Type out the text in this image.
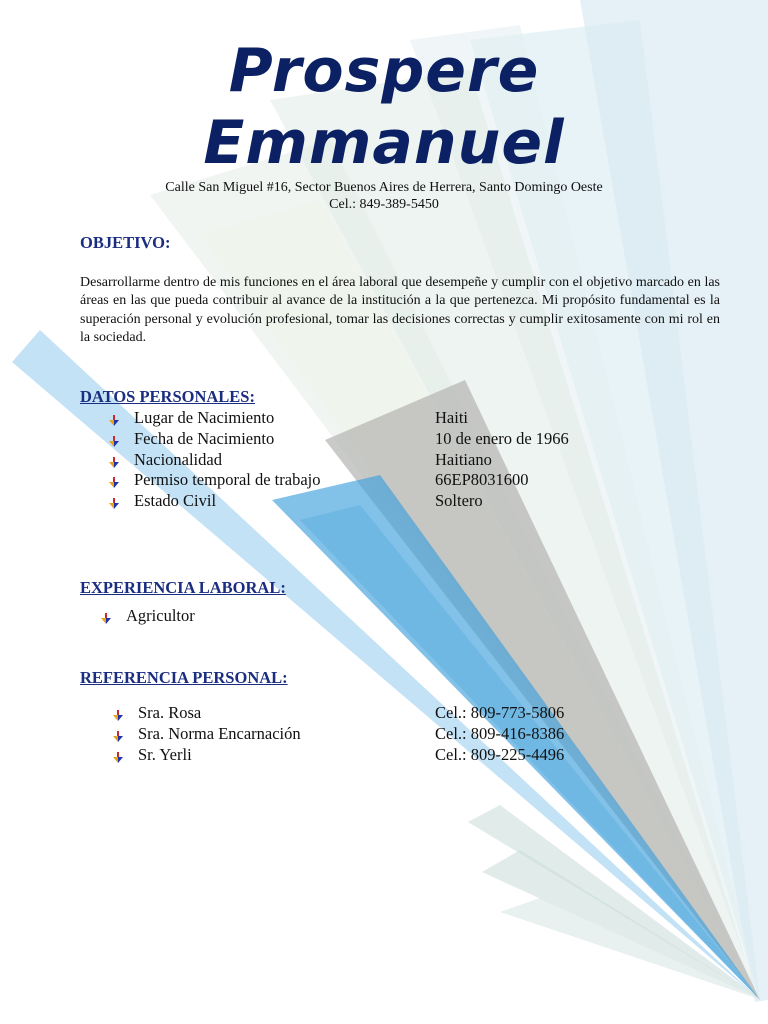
Prospere
Emmanuel
Calle San Miguel #16, Sector Buenos Aires de Herrera, Santo Domingo Oeste
Cel.: 849-389-5450
OBJETIVO:
Desarrollarme dentro de mis funciones en el área laboral que desempeñe y cumplir con el objetivo marcado en las áreas en las que pueda contribuir al avance de la institución a la que pertenezca. Mi propósito fundamental es la superación personal y evolución profesional, tomar las decisiones correctas y cumplir exitosamente con mi rol en la sociedad.
DATOS PERSONALES:
Lugar de Nacimiento	Haiti
Fecha de Nacimiento	10 de enero de 1966
Nacionalidad	Haitiano
Permiso temporal de trabajo	66EP8031600
Estado Civil	Soltero
EXPERIENCIA LABORAL:
Agricultor
REFERENCIA PERSONAL:
Sra. Rosa	Cel.: 809-773-5806
Sra. Norma Encarnación	Cel.: 809-416-8386
Sr. Yerli	Cel.: 809-225-4496
